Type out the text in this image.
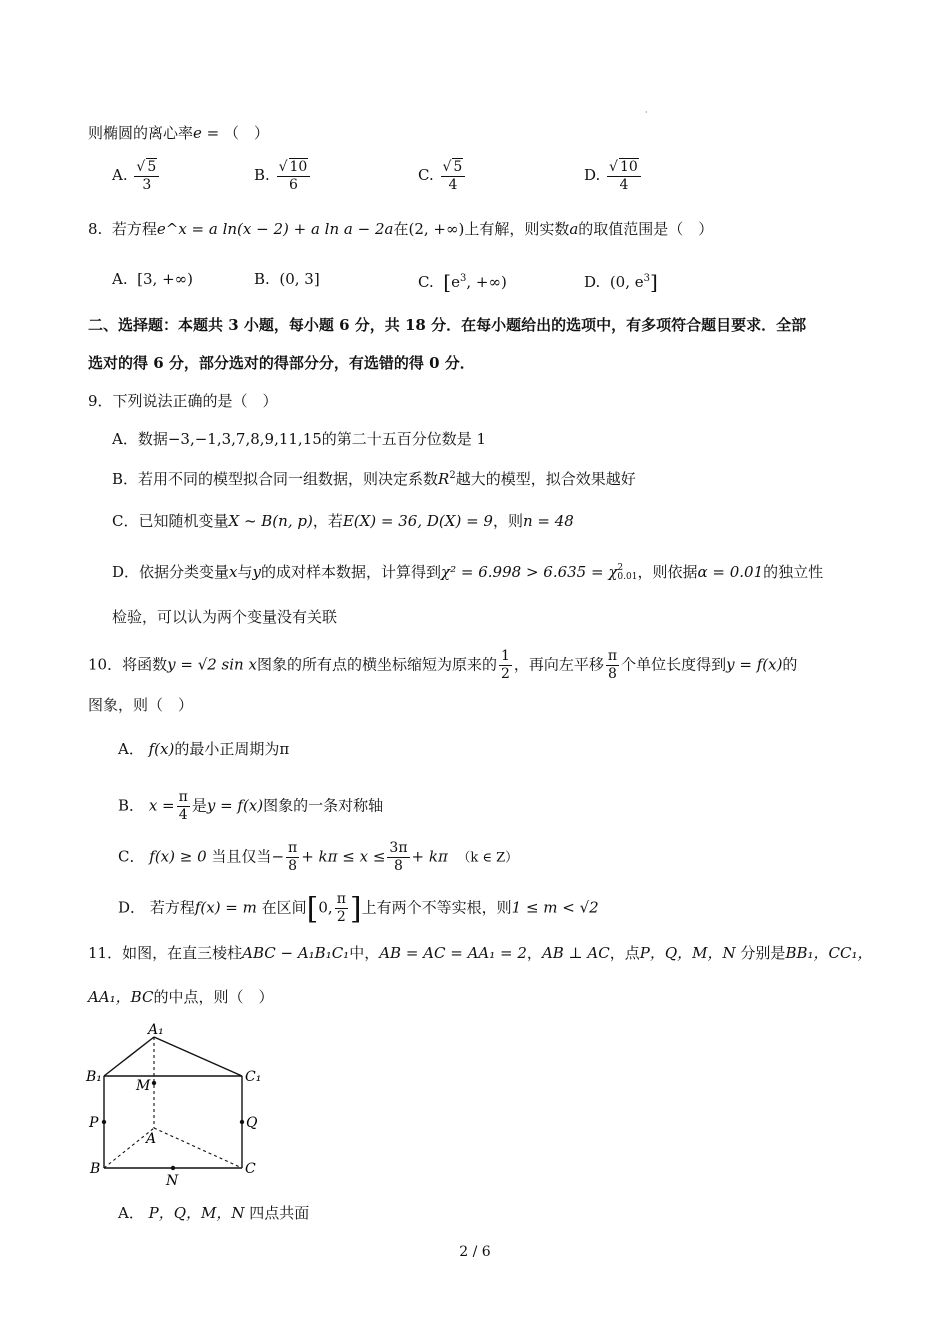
·
则椭圆的离心率e = （　）
A. $\frac{√ 5}{3}$	B. $\frac{√ 10}{6}$	C. $\frac{√ 5}{4}$	D. $\frac{√ 10}{4}$
8. 若方程e^x = a ln(x − 2) + a ln a − 2a在(2, +∞)上有解，则实数a的取值范围是（　）
A. [3, +∞)	B. (0, 3]	C. [$e^3$, +∞)	D. (0, $e^3$]
二、选择题：本题共 3 小题，每小题 6 分，共 18 分．在每小题给出的选项中，有多项符合题目要求．全部
选对的得 6 分，部分选对的得部分分，有选错的得 0 分．
9．下列说法正确的是（　）
A．数据−3,−1,3,7,8,9,11,15的第二十五百分位数是 1
B．若用不同的模型拟合同一组数据，则决定系数$R^2$越大的模型，拟合效果越好
C．已知随机变量X ~ B(n, p)，若E(X) = 36, D(X) = 9，则n = 48
D．依据分类变量x与y的成对样本数据，计算得到χ² = 6.998 > 6.635 = χ 2
0.01 ，则依据α = 0.01的独立性
检验，可以认为两个变量没有关联
10．将函数y = √2 sin x图象的所有点的横坐标缩短为原来的 $\frac{1}{2}$ ，再向左平移 $\frac{\pi}{8}$ 个单位长度得到y = f(x)的
图象，则（　）
A． f(x)的最小正周期为π
B． $x = \frac{\pi}{4}$ 是y = f(x)图象的一条对称轴
C． f(x) ≥ 0 当且仅当− $\frac{\pi}{8} + k\pi \le x \le \frac{3\pi}{8} + k\pi$ （k ∈ Z）
D． 若方程f(x) = m 在区间[0, $\frac{\pi}{2}$ ]上有两个不等实根，则1 ≤ m < √2
11．如图，在直三棱柱ABC − A₁B₁C₁中，AB = AC = AA₁ = 2，AB ⊥ AC，点P，Q，M，N 分别是BB₁，CC₁，
AA₁，BC的中点，则（　）
A₁
B₁	C₁
M
P	Q
A
B	C
N
A． P，Q，M，N 四点共面
2 / 6
